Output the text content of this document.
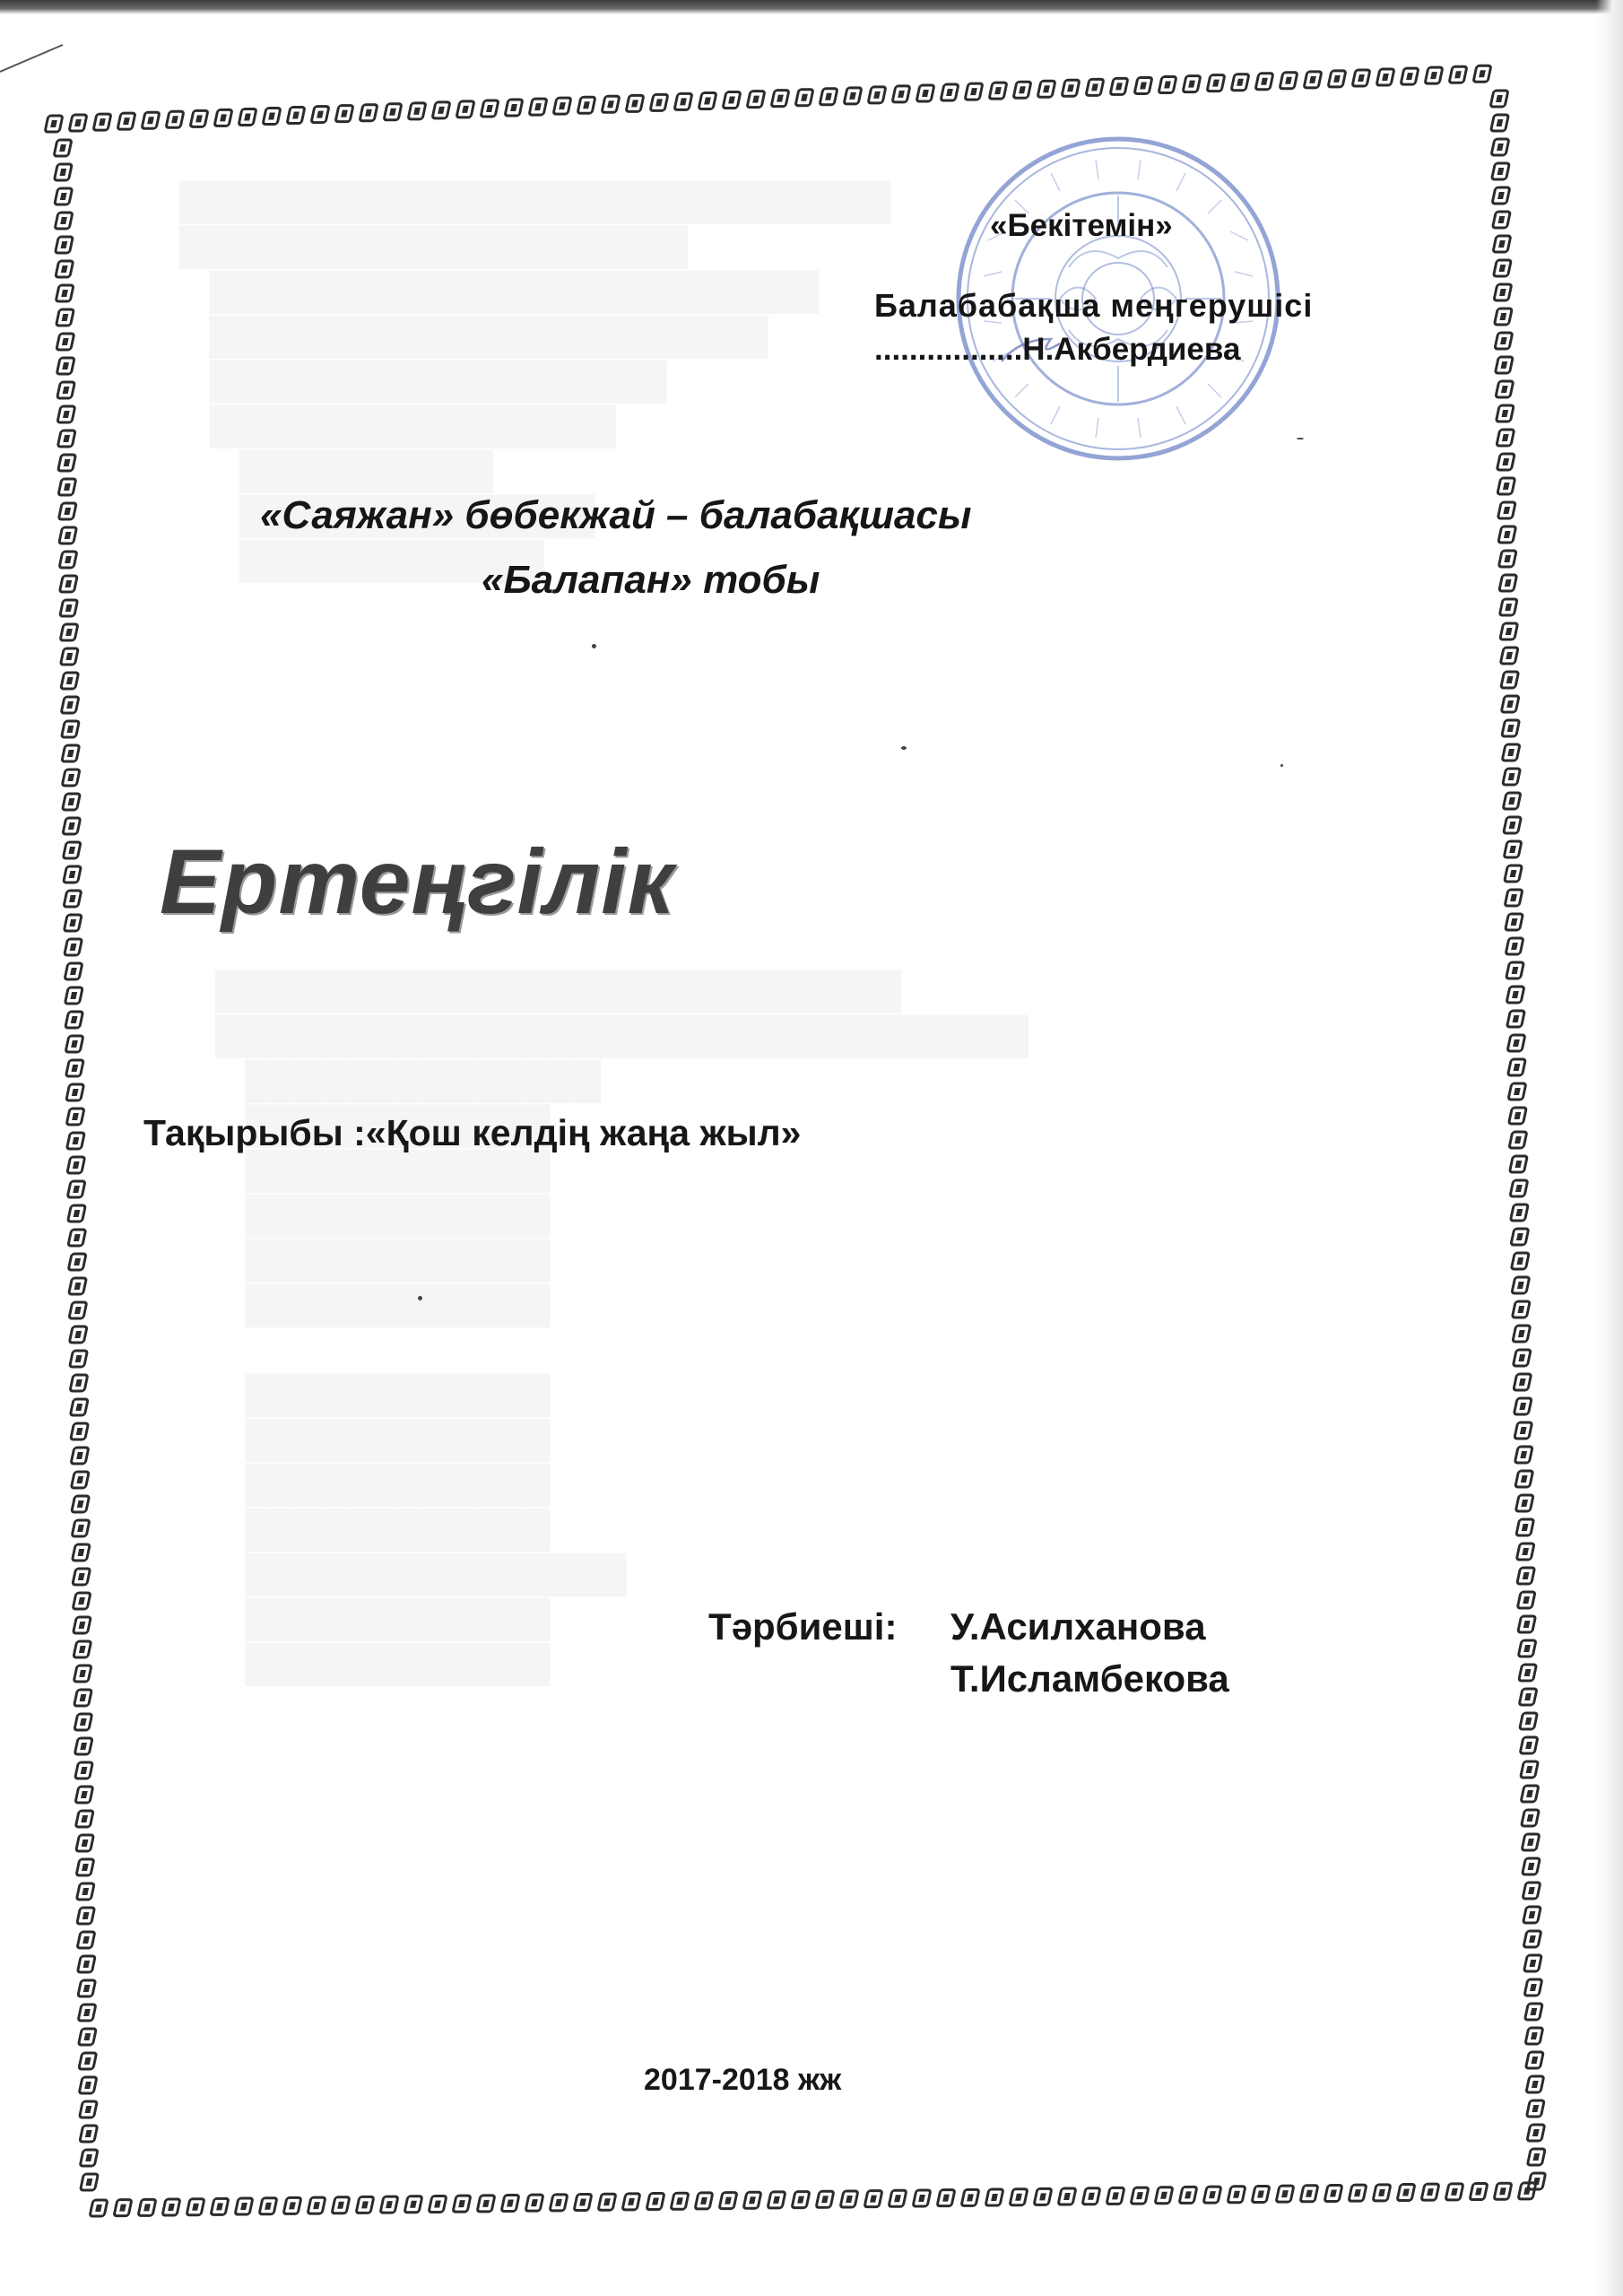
«Бекітемін»
Балабабақша меңгерушісі
.................Н.Акбердиева
«Саяжан» бөбекжай – балабақшасы
«Балапан» тобы
Ертеңгілік
Тақырыбы :«Қош келдің жаңа жыл»
Тәрбиеші: У.Асилханова
Т.Исламбекова
2017-2018 жж
